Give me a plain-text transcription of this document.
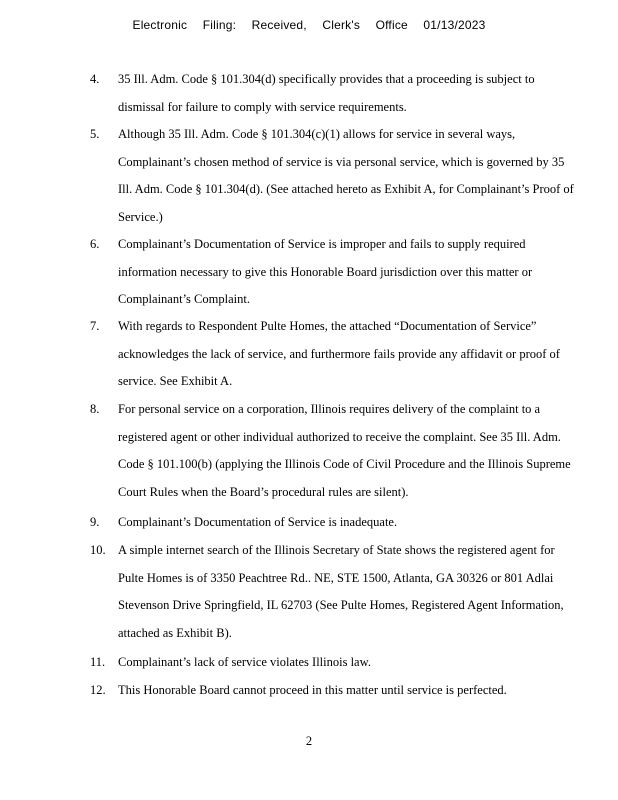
Electronic Filing: Received, Clerk's Office 01/13/2023
4. 35 Ill. Adm. Code § 101.304(d) specifically provides that a proceeding is subject to dismissal for failure to comply with service requirements.
5. Although 35 Ill. Adm. Code § 101.304(c)(1) allows for service in several ways, Complainant’s chosen method of service is via personal service, which is governed by 35 Ill. Adm. Code § 101.304(d). (See attached hereto as Exhibit A, for Complainant’s Proof of Service.)
6. Complainant’s Documentation of Service is improper and fails to supply required information necessary to give this Honorable Board jurisdiction over this matter or Complainant’s Complaint.
7. With regards to Respondent Pulte Homes, the attached “Documentation of Service” acknowledges the lack of service, and furthermore fails provide any affidavit or proof of service. See Exhibit A.
8. For personal service on a corporation, Illinois requires delivery of the complaint to a registered agent or other individual authorized to receive the complaint. See 35 Ill. Adm. Code § 101.100(b) (applying the Illinois Code of Civil Procedure and the Illinois Supreme Court Rules when the Board’s procedural rules are silent).
9. Complainant’s Documentation of Service is inadequate.
10. A simple internet search of the Illinois Secretary of State shows the registered agent for Pulte Homes is of 3350 Peachtree Rd.. NE, STE 1500, Atlanta, GA 30326 or 801 Adlai Stevenson Drive Springfield, IL 62703 (See Pulte Homes, Registered Agent Information, attached as Exhibit B).
11. Complainant’s lack of service violates Illinois law.
12. This Honorable Board cannot proceed in this matter until service is perfected.
2
